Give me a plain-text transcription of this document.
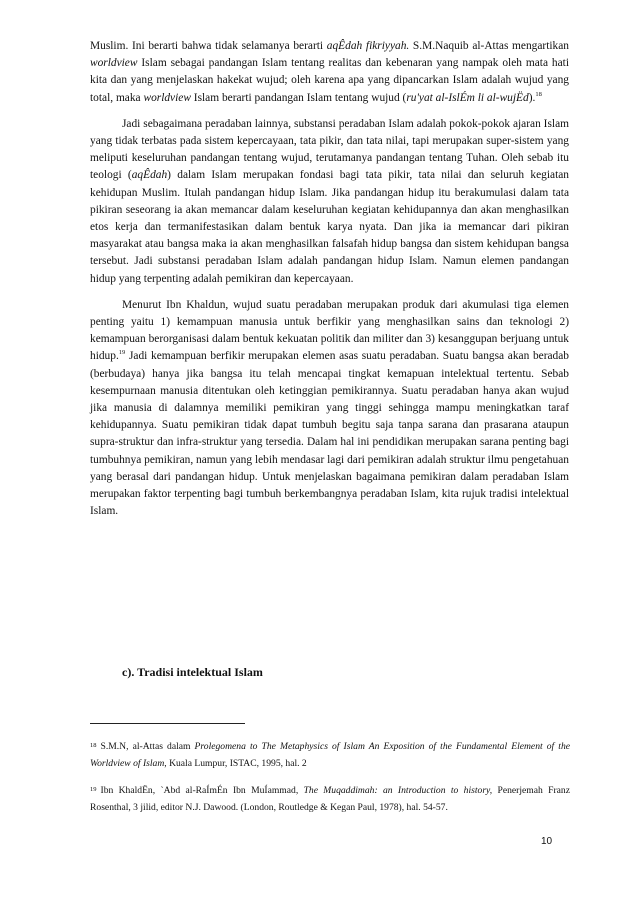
Muslim. Ini berarti bahwa tidak selamanya berarti aqÊdah fikriyyah. S.M.Naquib al-Attas mengartikan worldview Islam sebagai pandangan Islam tentang realitas dan kebenaran yang nampak oleh mata hati kita dan yang menjelaskan hakekat wujud; oleh karena apa yang dipancarkan Islam adalah wujud yang total, maka worldview Islam berarti pandangan Islam tentang wujud (ru'yat al-IslÉm li al-wujËd).$^{18}$

Jadi sebagaimana peradaban lainnya, substansi peradaban Islam adalah pokok-pokok ajaran Islam yang tidak terbatas pada sistem kepercayaan, tata pikir, dan tata nilai, tapi merupakan super-sistem yang meliputi keseluruhan pandangan tentang wujud, terutamanya pandangan tentang Tuhan. Oleh sebab itu teologi (aqÊdah) dalam Islam merupakan fondasi bagi tata pikir, tata nilai dan seluruh kegiatan kehidupan Muslim. Itulah pandangan hidup Islam. Jika pandangan hidup itu berakumulasi dalam tata pikiran seseorang ia akan memancar dalam keseluruhan kegiatan kehidupannya dan akan menghasilkan etos kerja dan termanifestasikan dalam bentuk karya nyata. Dan jika ia memancar dari pikiran masyarakat atau bangsa maka ia akan menghasilkan falsafah hidup bangsa dan sistem kehidupan bangsa tersebut. Jadi substansi peradaban Islam adalah pandangan hidup Islam. Namun elemen pandangan hidup yang terpenting adalah pemikiran dan kepercayaan.

Menurut Ibn Khaldun, wujud suatu peradaban merupakan produk dari akumulasi tiga elemen penting yaitu 1) kemampuan manusia untuk berfikir yang menghasilkan sains dan teknologi 2) kemampuan berorganisasi dalam bentuk kekuatan politik dan militer dan 3) kesanggupan berjuang untuk hidup.$^{19}$ Jadi kemampuan berfikir merupakan elemen asas suatu peradaban. Suatu bangsa akan beradab (berbudaya) hanya jika bangsa itu telah mencapai tingkat kemapuan intelektual tertentu. Sebab kesempurnaan manusia ditentukan oleh ketinggian pemikirannya. Suatu peradaban hanya akan wujud jika manusia di dalamnya memiliki pemikiran yang tinggi sehingga mampu meningkatkan taraf kehidupannya. Suatu pemikiran tidak dapat tumbuh begitu saja tanpa sarana dan prasarana ataupun supra-struktur dan infra-struktur yang tersedia. Dalam hal ini pendidikan merupakan sarana penting bagi tumbuhnya pemikiran, namun yang lebih mendasar lagi dari pemikiran adalah struktur ilmu pengetahuan yang berasal dari pandangan hidup. Untuk menjelaskan bagaimana pemikiran dalam peradaban Islam merupakan faktor terpenting bagi tumbuh berkembangnya peradaban Islam, kita rujuk tradisi intelektual Islam.

c). Tradisi intelektual Islam

$^{18}$ S.M.N, al-Attas dalam Prolegomena to The Metaphysics of Islam An Exposition of the Fundamental Element of the Worldview of Islam, Kuala Lumpur, ISTAC, 1995, hal. 2

$^{19}$ Ibn KhaldËn, `Abd al-RaÍmÉn Ibn MuÍammad, The Muqaddimah: an Introduction to history, Penerjemah Franz Rosenthal, 3 jilid, editor N.J. Dawood. (London, Routledge & Kegan Paul, 1978), hal. 54-57.

10
